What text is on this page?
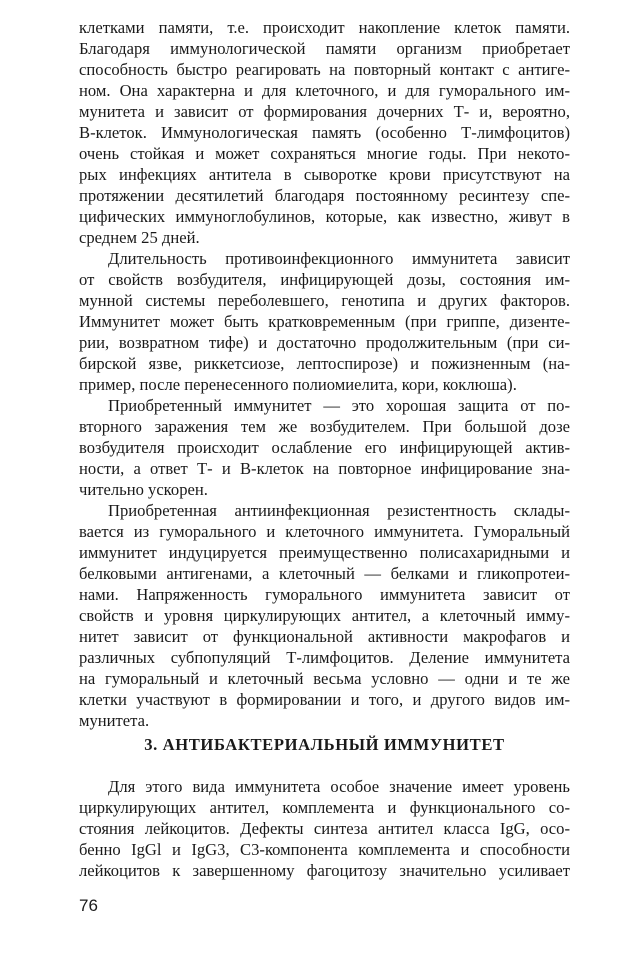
клетками памяти, т.е. происходит накопление клеток памяти.
Благодаря иммунологической памяти организм приобретает
способность быстро реагировать на повторный контакт с антиге-
ном. Она характерна и для клеточного, и для гуморального им-
мунитета и зависит от формирования дочерних Т- и, вероятно,
В-клеток. Иммунологическая память (особенно Т-лимфоцитов)
очень стойкая и может сохраняться многие годы. При некото-
рых инфекциях антитела в сыворотке крови присутствуют на
протяжении десятилетий благодаря постоянному ресинтезу спе-
цифических иммуноглобулинов, которые, как известно, живут в
среднем 25 дней.
Длительность противоинфекционного иммунитета зависит
от свойств возбудителя, инфицирующей дозы, состояния им-
мунной системы переболевшего, генотипа и других факторов.
Иммунитет может быть кратковременным (при гриппе, дизенте-
рии, возвратном тифе) и достаточно продолжительным (при си-
бирской язве, риккетсиозе, лептоспирозе) и пожизненным (на-
пример, после перенесенного полиомиелита, кори, коклюша).
Приобретенный иммунитет — это хорошая защита от по-
вторного заражения тем же возбудителем. При большой дозе
возбудителя происходит ослабление его инфицирующей актив-
ности, а ответ Т- и В-клеток на повторное инфицирование зна-
чительно ускорен.
Приобретенная антиинфекционная резистентность склады-
вается из гуморального и клеточного иммунитета. Гуморальный
иммунитет индуцируется преимущественно полисахаридными и
белковыми антигенами, а клеточный — белками и гликопротеи-
нами. Напряженность гуморального иммунитета зависит от
свойств и уровня циркулирующих антител, а клеточный имму-
нитет зависит от функциональной активности макрофагов и
различных субпопуляций Т-лимфоцитов. Деление иммунитета
на гуморальный и клеточный весьма условно — одни и те же
клетки участвуют в формировании и того, и другого видов им-
мунитета.
3. АНТИБАКТЕРИАЛЬНЫЙ ИММУНИТЕТ
Для этого вида иммунитета особое значение имеет уровень
циркулирующих антител, комплемента и функционального со-
стояния лейкоцитов. Дефекты синтеза антител класса IgG, осо-
бенно IgGl и IgG3, С3-компонента комплемента и способности
лейкоцитов к завершенному фагоцитозу значительно усиливает
76
